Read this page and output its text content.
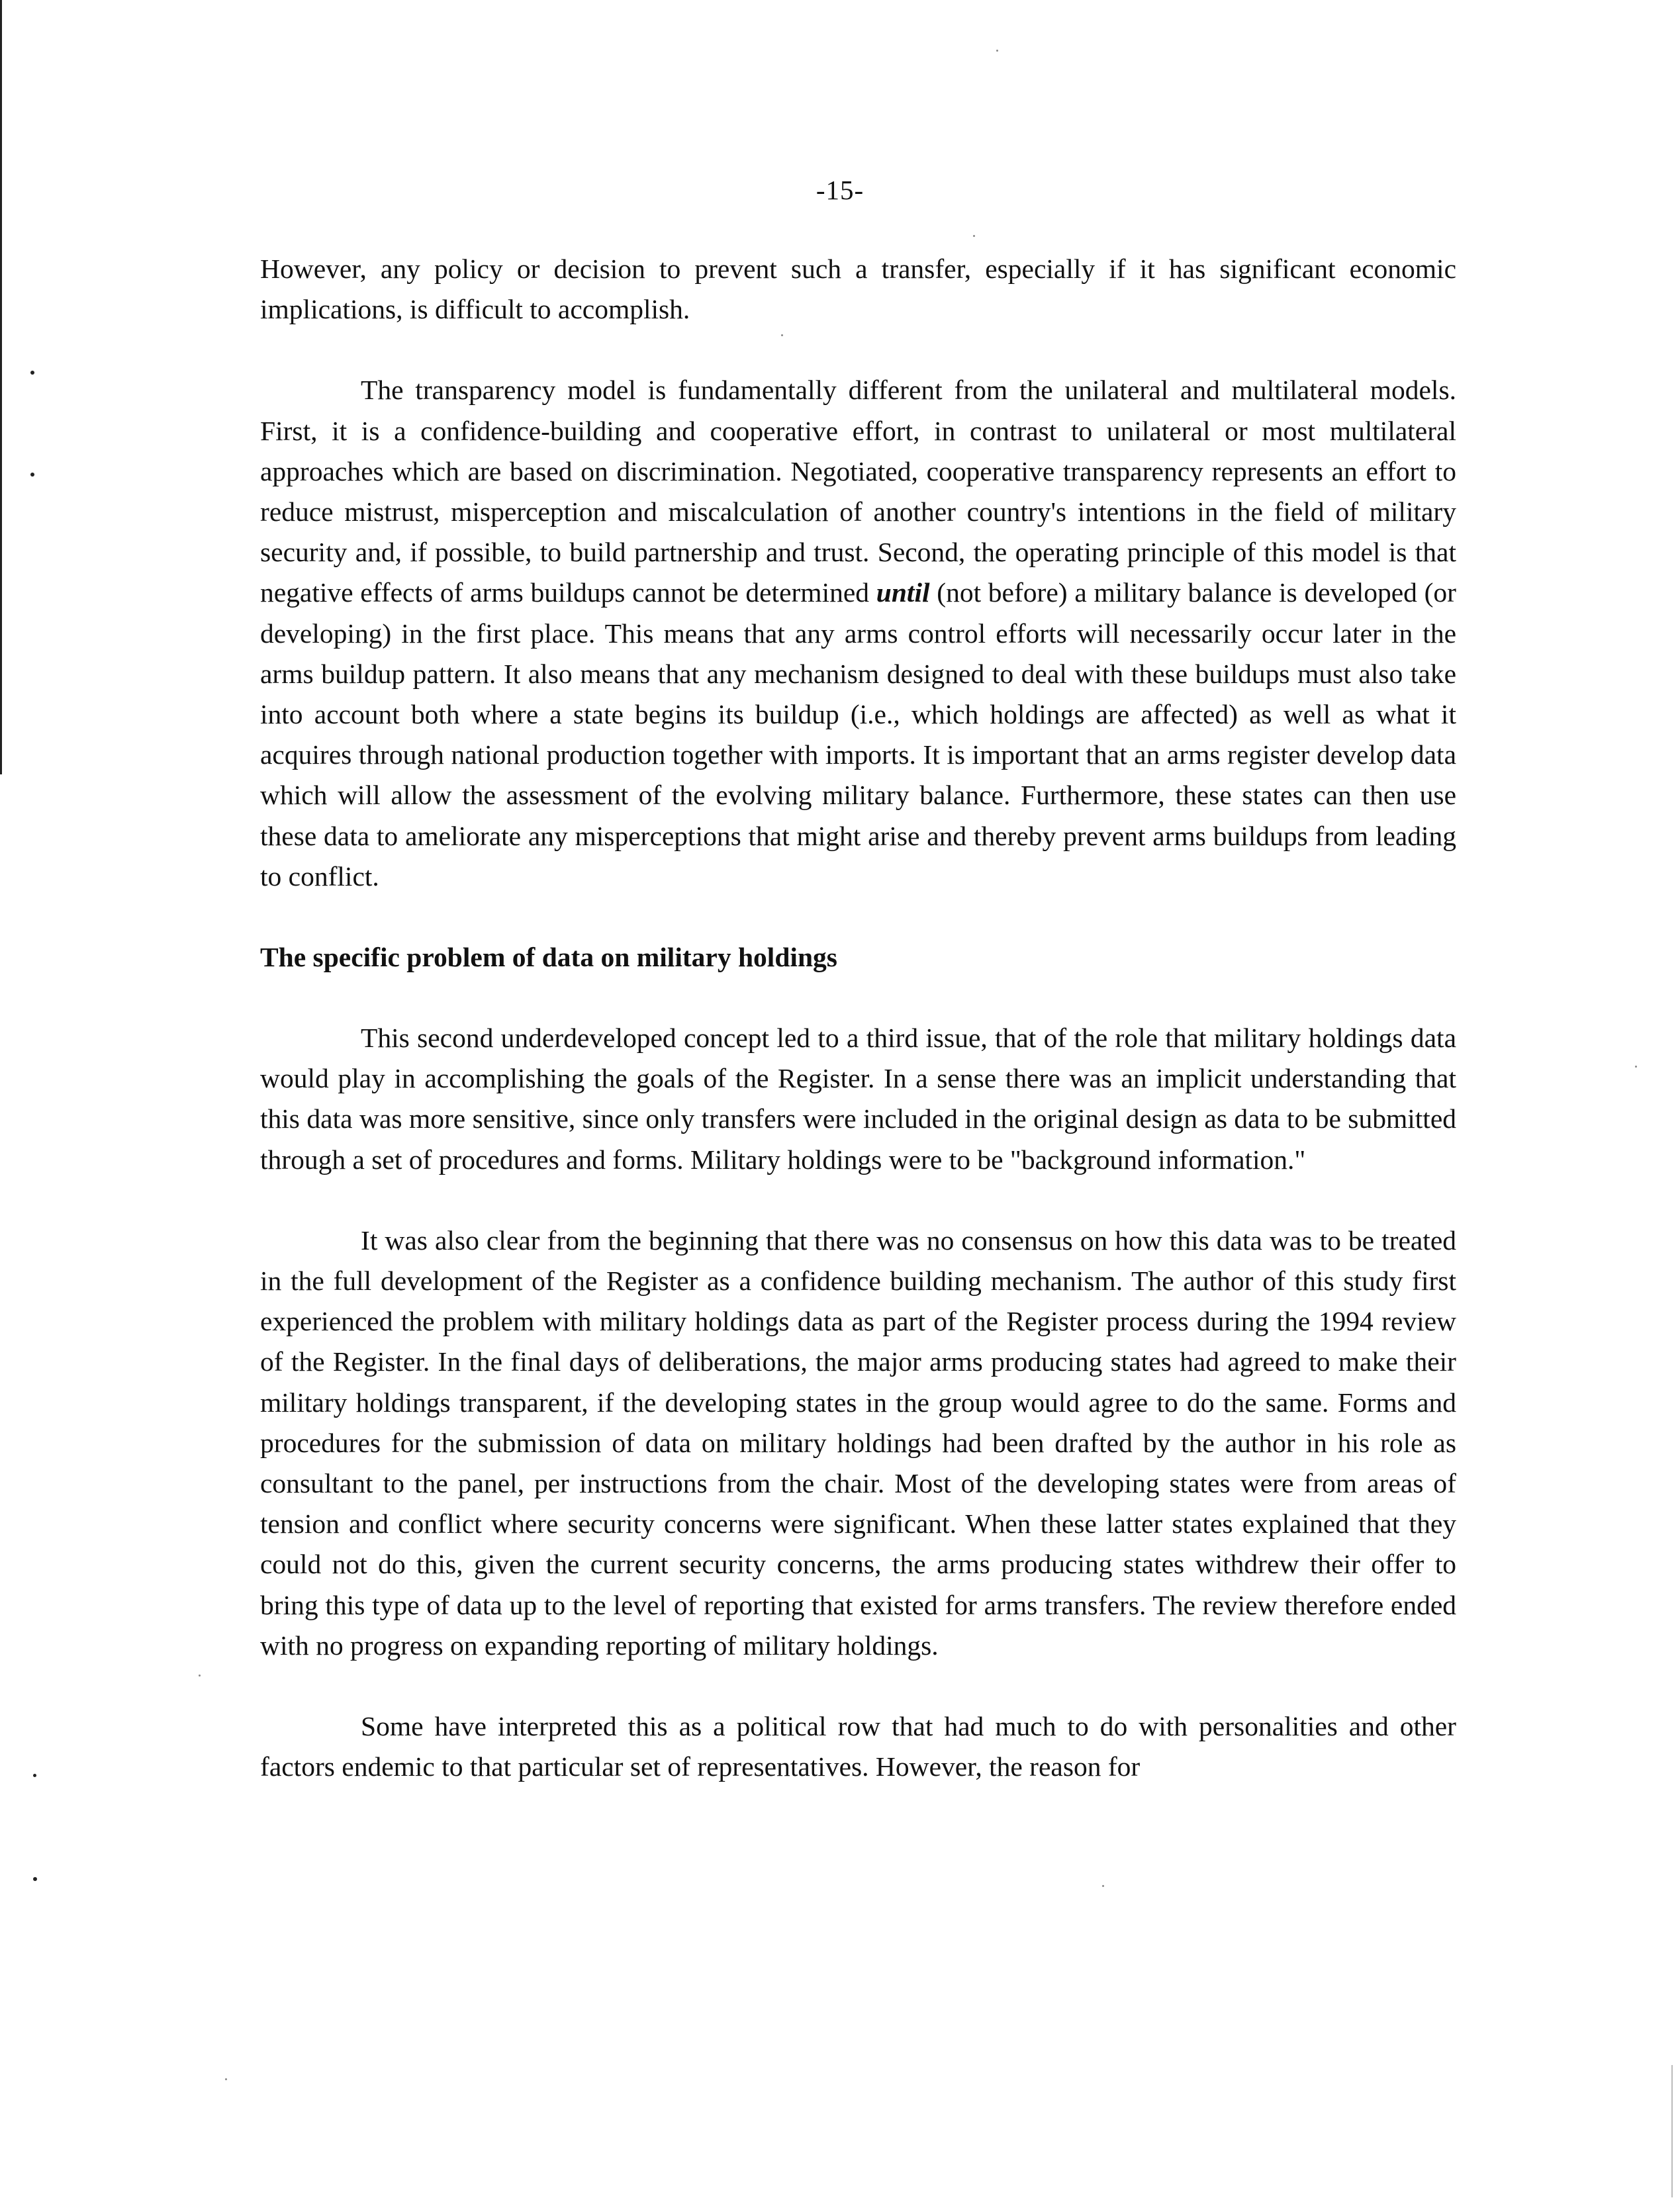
-15-

However, any policy or decision to prevent such a transfer, especially if it has significant economic implications, is difficult to accomplish.

The transparency model is fundamentally different from the unilateral and multilateral models. First, it is a confidence-building and cooperative effort, in contrast to unilateral or most multilateral approaches which are based on discrimination. Negotiated, cooperative transparency represents an effort to reduce mistrust, misperception and miscalculation of another country's intentions in the field of military security and, if possible, to build partnership and trust. Second, the operating principle of this model is that negative effects of arms buildups cannot be determined until (not before) a military balance is developed (or developing) in the first place. This means that any arms control efforts will necessarily occur later in the arms buildup pattern. It also means that any mechanism designed to deal with these buildups must also take into account both where a state begins its buildup (i.e., which holdings are affected) as well as what it acquires through national production together with imports. It is important that an arms register develop data which will allow the assessment of the evolving military balance. Furthermore, these states can then use these data to ameliorate any misperceptions that might arise and thereby prevent arms buildups from leading to conflict.

The specific problem of data on military holdings

This second underdeveloped concept led to a third issue, that of the role that military holdings data would play in accomplishing the goals of the Register. In a sense there was an implicit understanding that this data was more sensitive, since only transfers were included in the original design as data to be submitted through a set of procedures and forms. Military holdings were to be "background information."

It was also clear from the beginning that there was no consensus on how this data was to be treated in the full development of the Register as a confidence building mechanism. The author of this study first experienced the problem with military holdings data as part of the Register process during the 1994 review of the Register. In the final days of deliberations, the major arms producing states had agreed to make their military holdings transparent, if the developing states in the group would agree to do the same. Forms and procedures for the submission of data on military holdings had been drafted by the author in his role as consultant to the panel, per instructions from the chair. Most of the developing states were from areas of tension and conflict where security concerns were significant. When these latter states explained that they could not do this, given the current security concerns, the arms producing states withdrew their offer to bring this type of data up to the level of reporting that existed for arms transfers. The review therefore ended with no progress on expanding reporting of military holdings.

Some have interpreted this as a political row that had much to do with personalities and other factors endemic to that particular set of representatives. However, the reason for
